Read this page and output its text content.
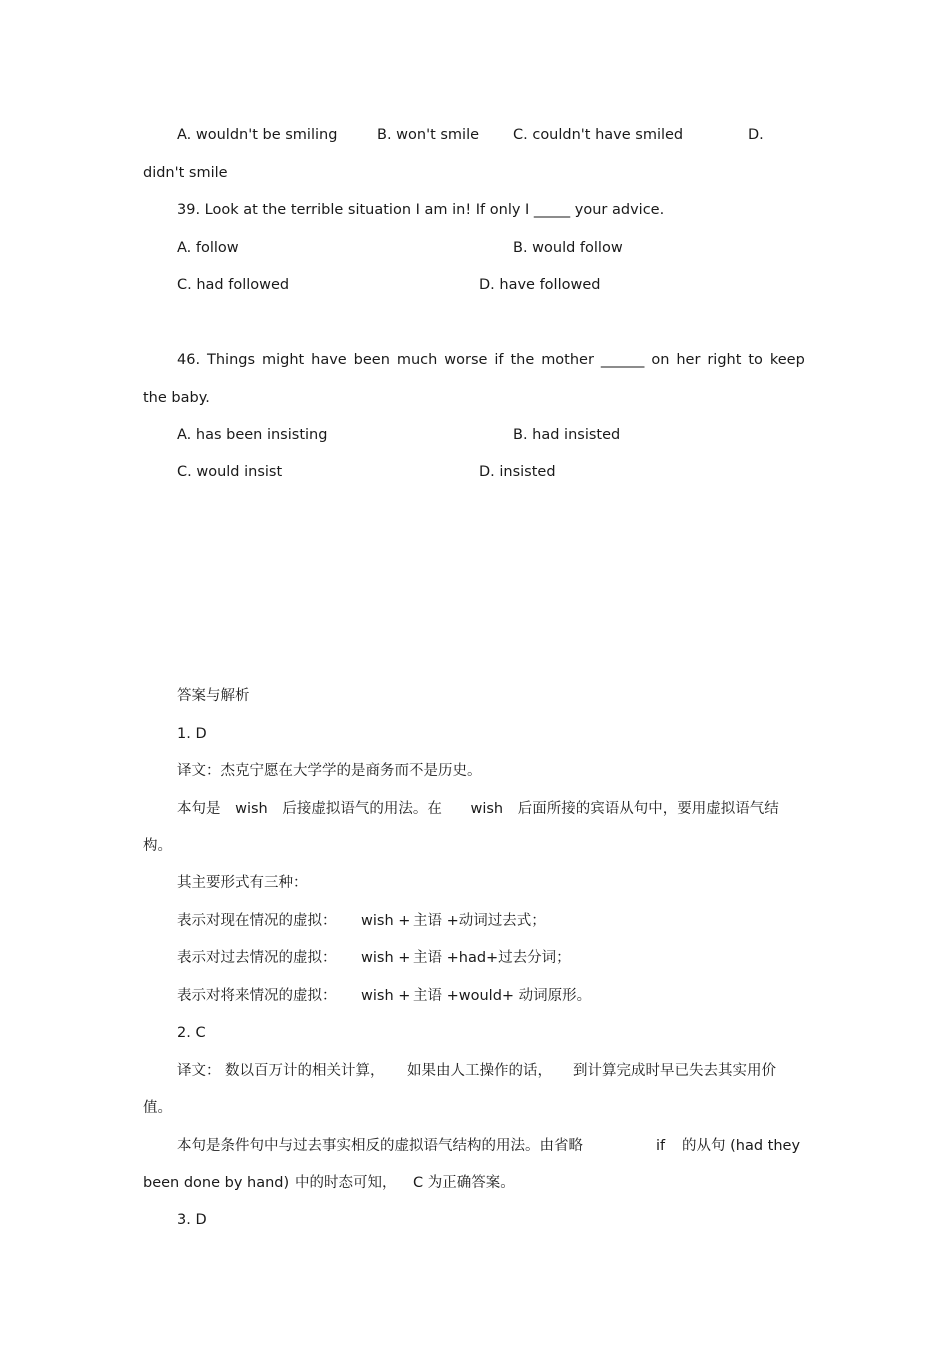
A. wouldn't be smiling	B. won't smile C. couldn't have smiled	D.
didn't smile
39. Look at the terrible situation I am in! If only I _____ your advice.
A. follow	B. would follow
C. had followed	D. have followed
46. Things might have been much worse if the mother ______ on her right to keep
the baby.
A. has been insisting	B. had insisted
C. would insist	D. insisted
答案与解析
1. D
译文：杰克宁愿在大学学的是商务而不是历史。
本句是 wish 后接虚拟语气的用法。在 wish 后面所接的宾语从句中，要用虚拟语气结
构。
其主要形式有三种：
表示对现在情况的虚拟： wish + 主语 +动词过去式；
表示对过去情况的虚拟： wish + 主语 +had+过去分词；
表示对将来情况的虚拟： wish + 主语 +would+ 动词原形。
2. C
译文： 数以百万计的相关计算， 如果由人工操作的话， 到计算完成时早已失去其实用价
值。
本句是条件句中与过去事实相反的虚拟语气结构的用法。由省略	if 的从句 (had they
been done by hand) 中的时态可知， C 为正确答案。
3. D
